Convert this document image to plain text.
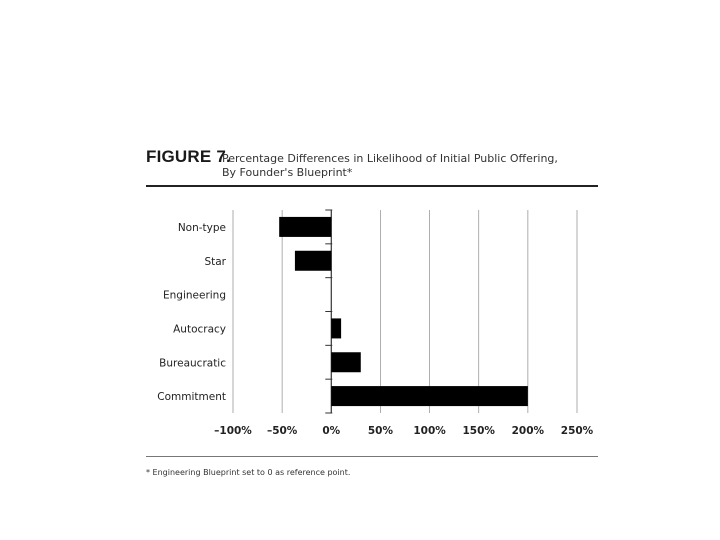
FIGURE 7.
Percentage Differences in Likelihood of Initial Public Offering,
By Founder's Blueprint*
Non-type
Star
Engineering
Autocracy
Bureaucratic
Commitment
–100% –50% 0%	50% 100% 150% 200% 250%
* Engineering Blueprint set to 0 as reference point.
